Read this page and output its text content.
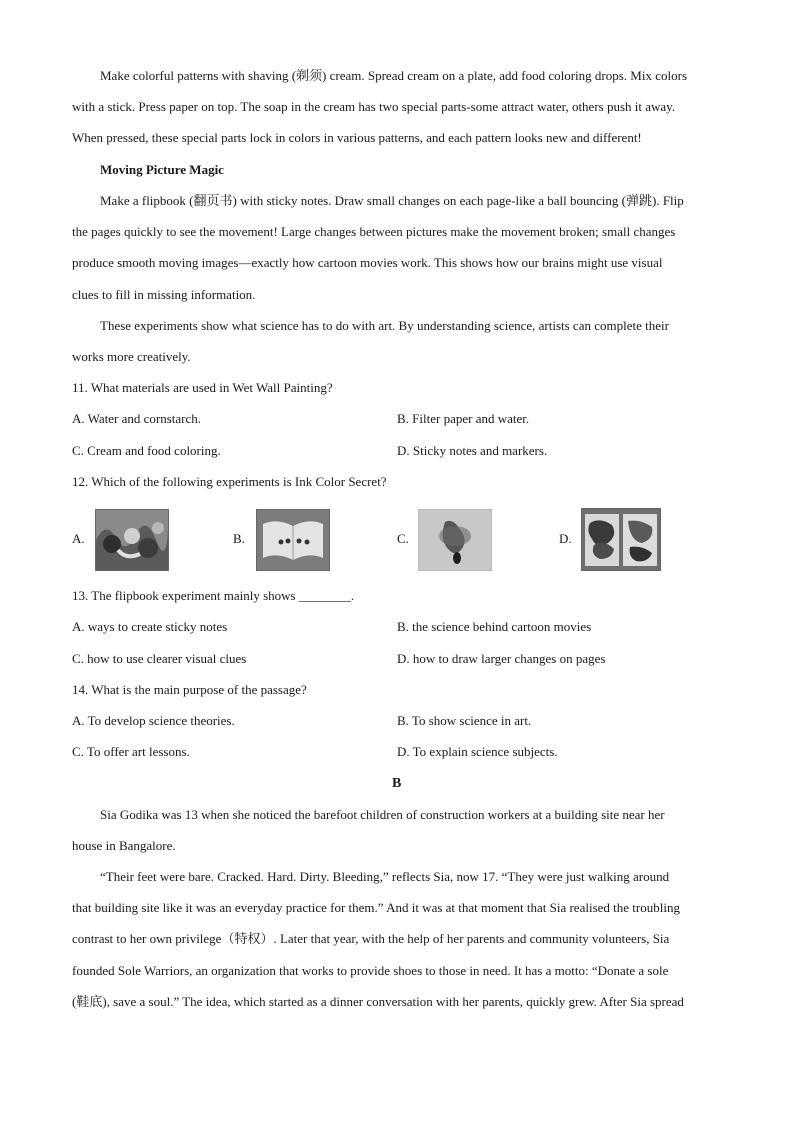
Make colorful patterns with shaving (剃须) cream. Spread cream on a plate, add food coloring drops. Mix colors
with a stick. Press paper on top. The soap in the cream has two special parts-some attract water, others push it away.
When pressed, these special parts lock in colors in various patterns, and each pattern looks new and different!
Moving Picture Magic
Make a flipbook (翻页书) with sticky notes. Draw small changes on each page-like a ball bouncing (弹跳). Flip
the pages quickly to see the movement! Large changes between pictures make the movement broken; small changes
produce smooth moving images—exactly how cartoon movies work. This shows how our brains might use visual
clues to fill in missing information.
These experiments show what science has to do with art. By understanding science, artists can complete their
works more creatively.
11. What materials are used in Wet Wall Painting?
A. Water and cornstarch.	B. Filter paper and water.
C. Cream and food coloring.	D. Sticky notes and markers.
12. Which of the following experiments is Ink Color Secret?
A.	B.	C.	D.
13. The flipbook experiment mainly shows ________.
A. ways to create sticky notes	B. the science behind cartoon movies
C. how to use clearer visual clues	D. how to draw larger changes on pages
14. What is the main purpose of the passage?
A. To develop science theories.	B. To show science in art.
C. To offer art lessons.	D. To explain science subjects.
B
Sia Godika was 13 when she noticed the barefoot children of construction workers at a building site near her
house in Bangalore.
“Their feet were bare. Cracked. Hard. Dirty. Bleeding,” reflects Sia, now 17. “They were just walking around
that building site like it was an everyday practice for them.” And it was at that moment that Sia realised the troubling
contrast to her own privilege（特权）. Later that year, with the help of her parents and community volunteers, Sia
founded Sole Warriors, an organization that works to provide shoes to those in need. It has a motto: “Donate a sole
(鞋底), save a soul.” The idea, which started as a dinner conversation with her parents, quickly grew. After Sia spread
